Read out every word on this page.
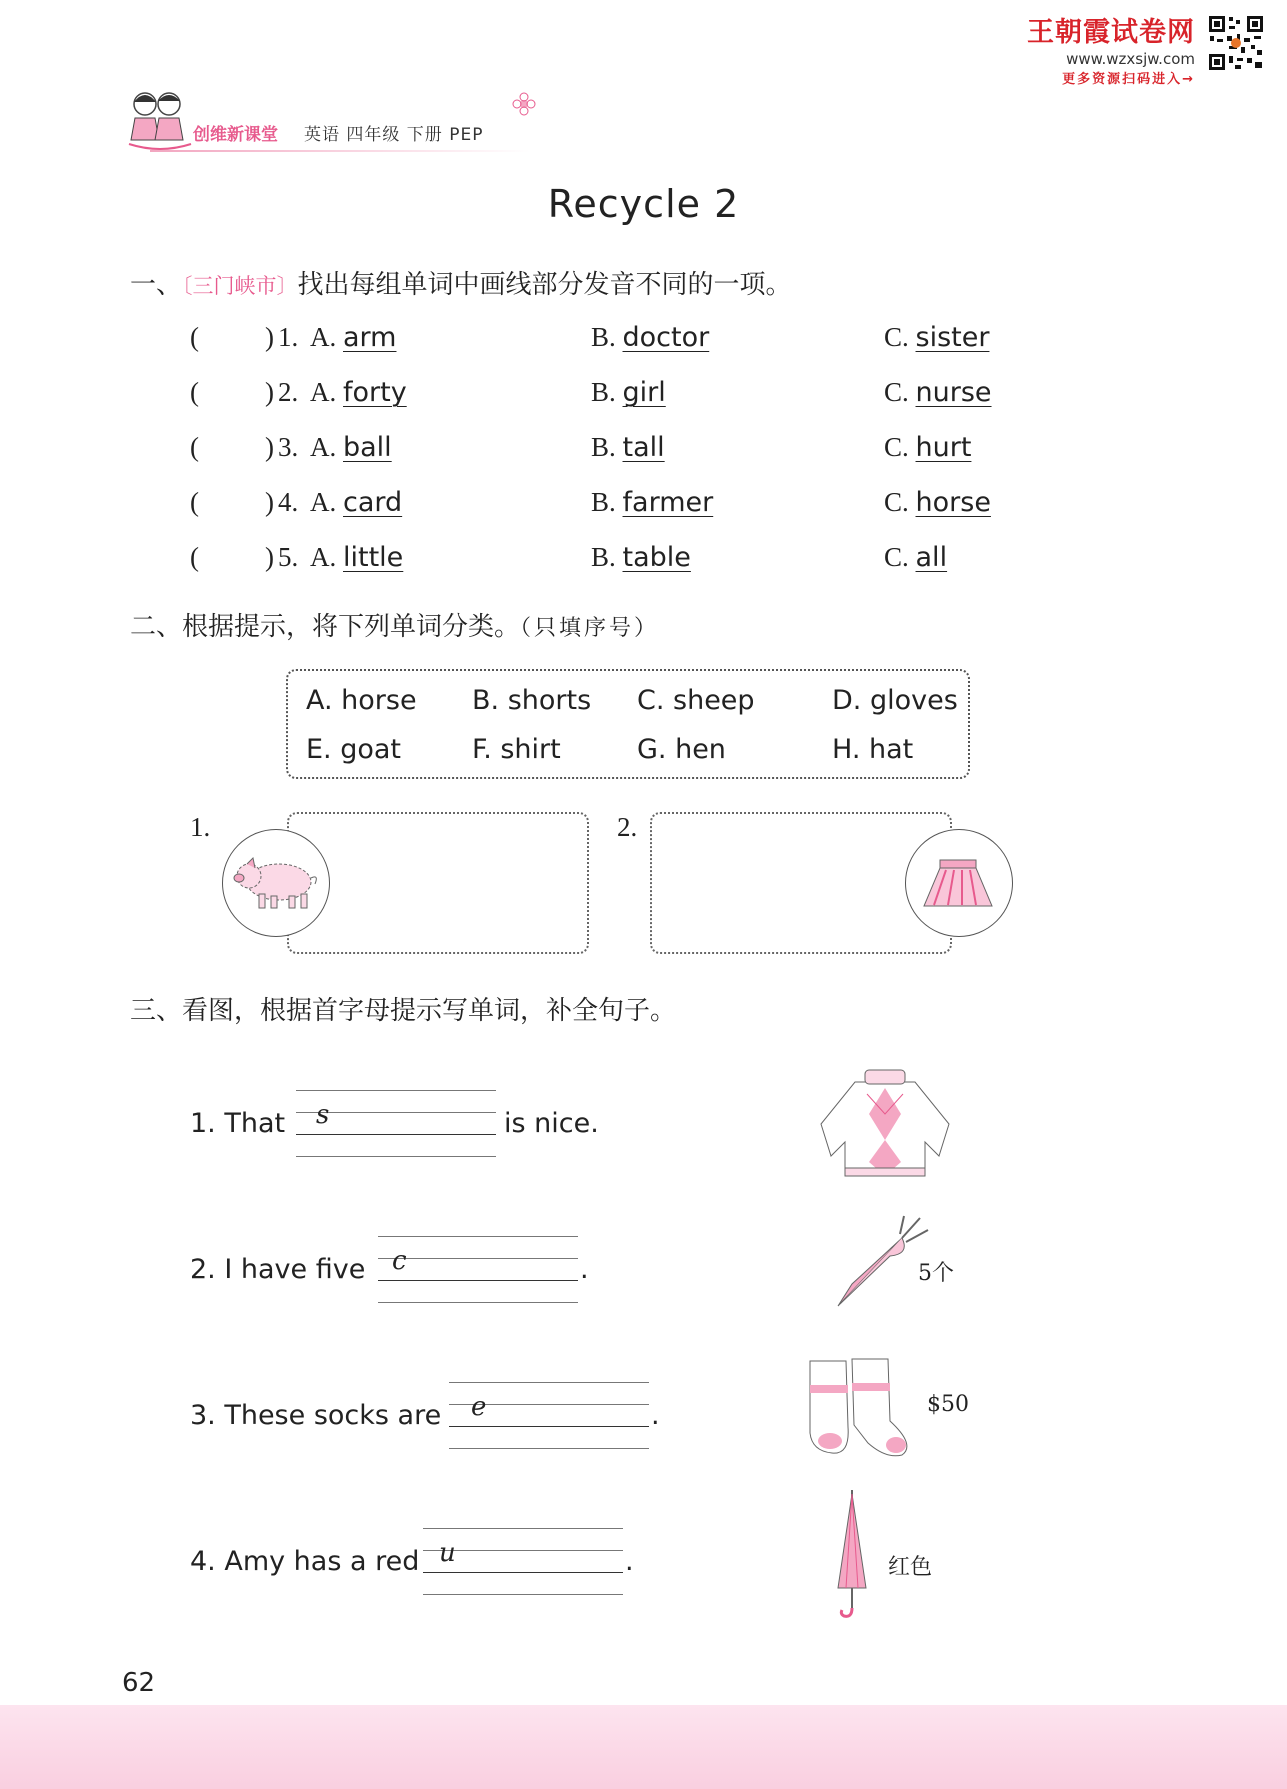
王朝霞试卷网
www.wzxsjw.com
更多资源扫码进入→
创维新课堂 英语 四年级 下册 PEP
Recycle 2
一、〔三门峡市〕找出每组单词中画线部分发音不同的一项。
( ) 1. A. arm	B. doctor	C. sister
( ) 2. A. forty	B. girl	C. nurse
( ) 3. A. ball	B. tall	C. hurt
( ) 4. A. card	B. farmer	C. horse
( ) 5. A. little	B. table	C. all
二、根据提示，将下列单词分类。（只填序号）
A. horse B. shorts C. sheep	D. gloves
E. goat	F. shirt	G. hen	H. hat
1.	2.
三、看图，根据首字母提示写单词，补全句子。
1. That s	is nice.
2. I have five c	.	5个
3. These socks are e	.	$50
4. Amy has a red u	.	红色
62
